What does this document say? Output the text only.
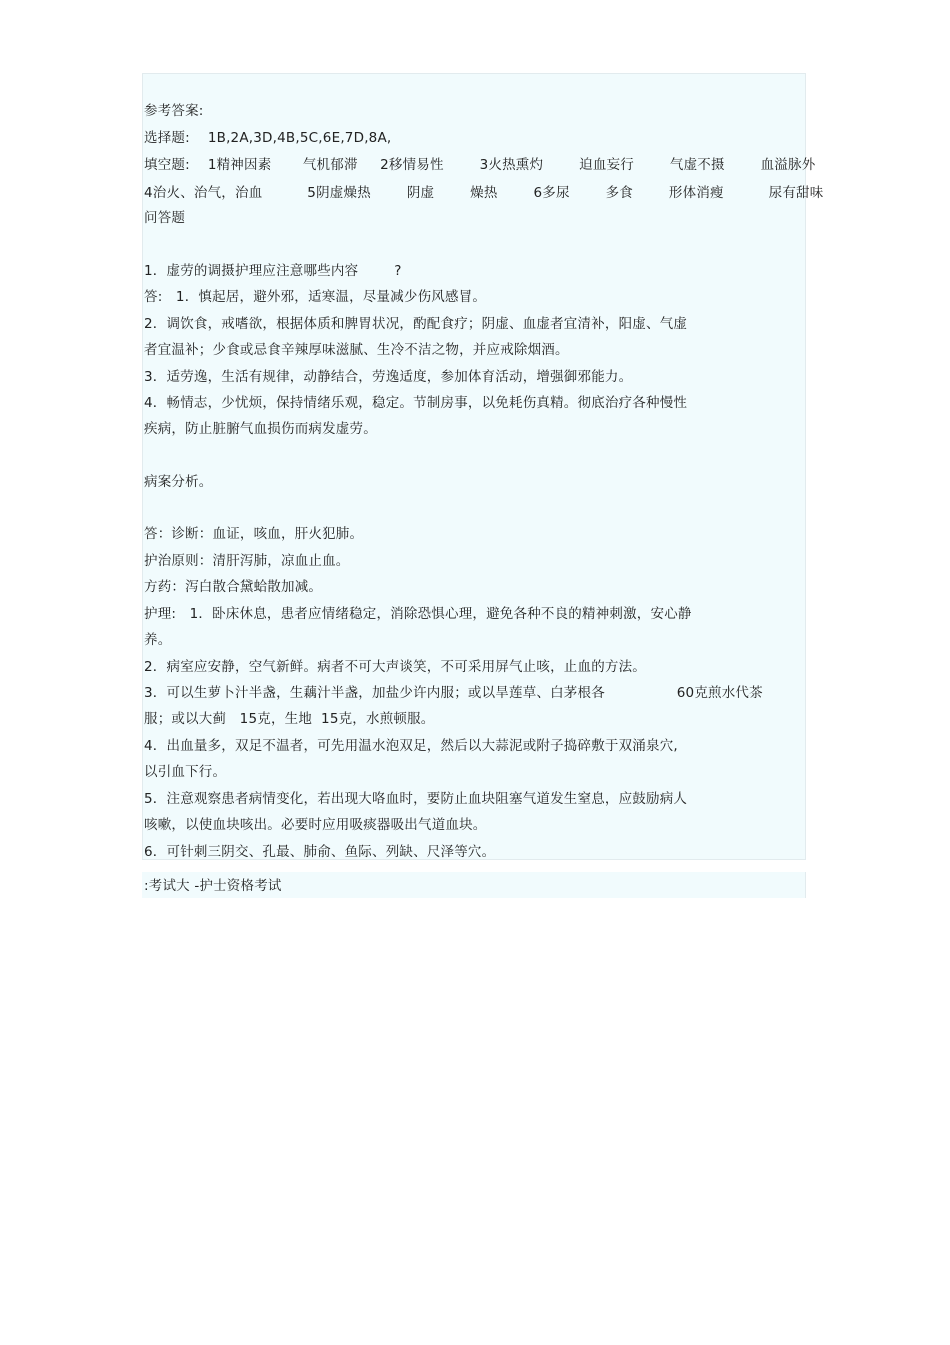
参考答案:
选择题:    1B,2A,3D,4B,5C,6E,7D,8A,
填空题:    1精神因素       气机郁滞     2移情易性        3火热熏灼        迫血妄行        气虚不摄        血溢脉外
4治火、治气，治血          5阴虚燥热        阴虚        燥热        6多尿        多食        形体消瘦          尿有甜味
问答题
1．虚劳的调摄护理应注意哪些内容        ?
答:   1．慎起居，避外邪，适寒温，尽量减少伤风感冒。
2．调饮食，戒嗜欲，根据体质和脾胃状况，酌配食疗；阴虚、血虚者宜清补，阳虚、气虚
者宜温补；少食或忌食辛辣厚味滋腻、生冷不洁之物，并应戒除烟酒。
3．适劳逸，生活有规律，动静结合，劳逸适度，参加体育活动，增强御邪能力。
4．畅情志，少忧烦，保持情绪乐观，稳定。节制房事，以免耗伤真精。彻底治疗各种慢性
疾病，防止脏腑气血损伤而病发虚劳。
病案分析。
答：诊断：血证，咳血，肝火犯肺。
护治原则：清肝泻肺，凉血止血。
方药：泻白散合黛蛤散加减。
护理:   1．卧床休息，患者应情绪稳定，消除恐惧心理，避免各种不良的精神刺激，安心静
养。
2．病室应安静，空气新鲜。病者不可大声谈笑，不可采用屏气止咳，止血的方法。
3．可以生萝卜汁半盏，生藕汁半盏，加盐少许内服；或以旱莲草、白茅根各                60克煎水代茶
服；或以大蓟   15克，生地  15克，水煎顿服。
4．出血量多，双足不温者，可先用温水泡双足，然后以大蒜泥或附子捣碎敷于双涌泉穴,
以引血下行。
5．注意观察患者病情变化，若出现大咯血时，要防止血块阻塞气道发生窒息，应鼓励病人
咳嗽，以使血块咳出。必要时应用吸痰器吸出气道血块。
6．可针刺三阴交、孔最、肺俞、鱼际、列缺、尺泽等穴。
:考试大 -护士资格考试
